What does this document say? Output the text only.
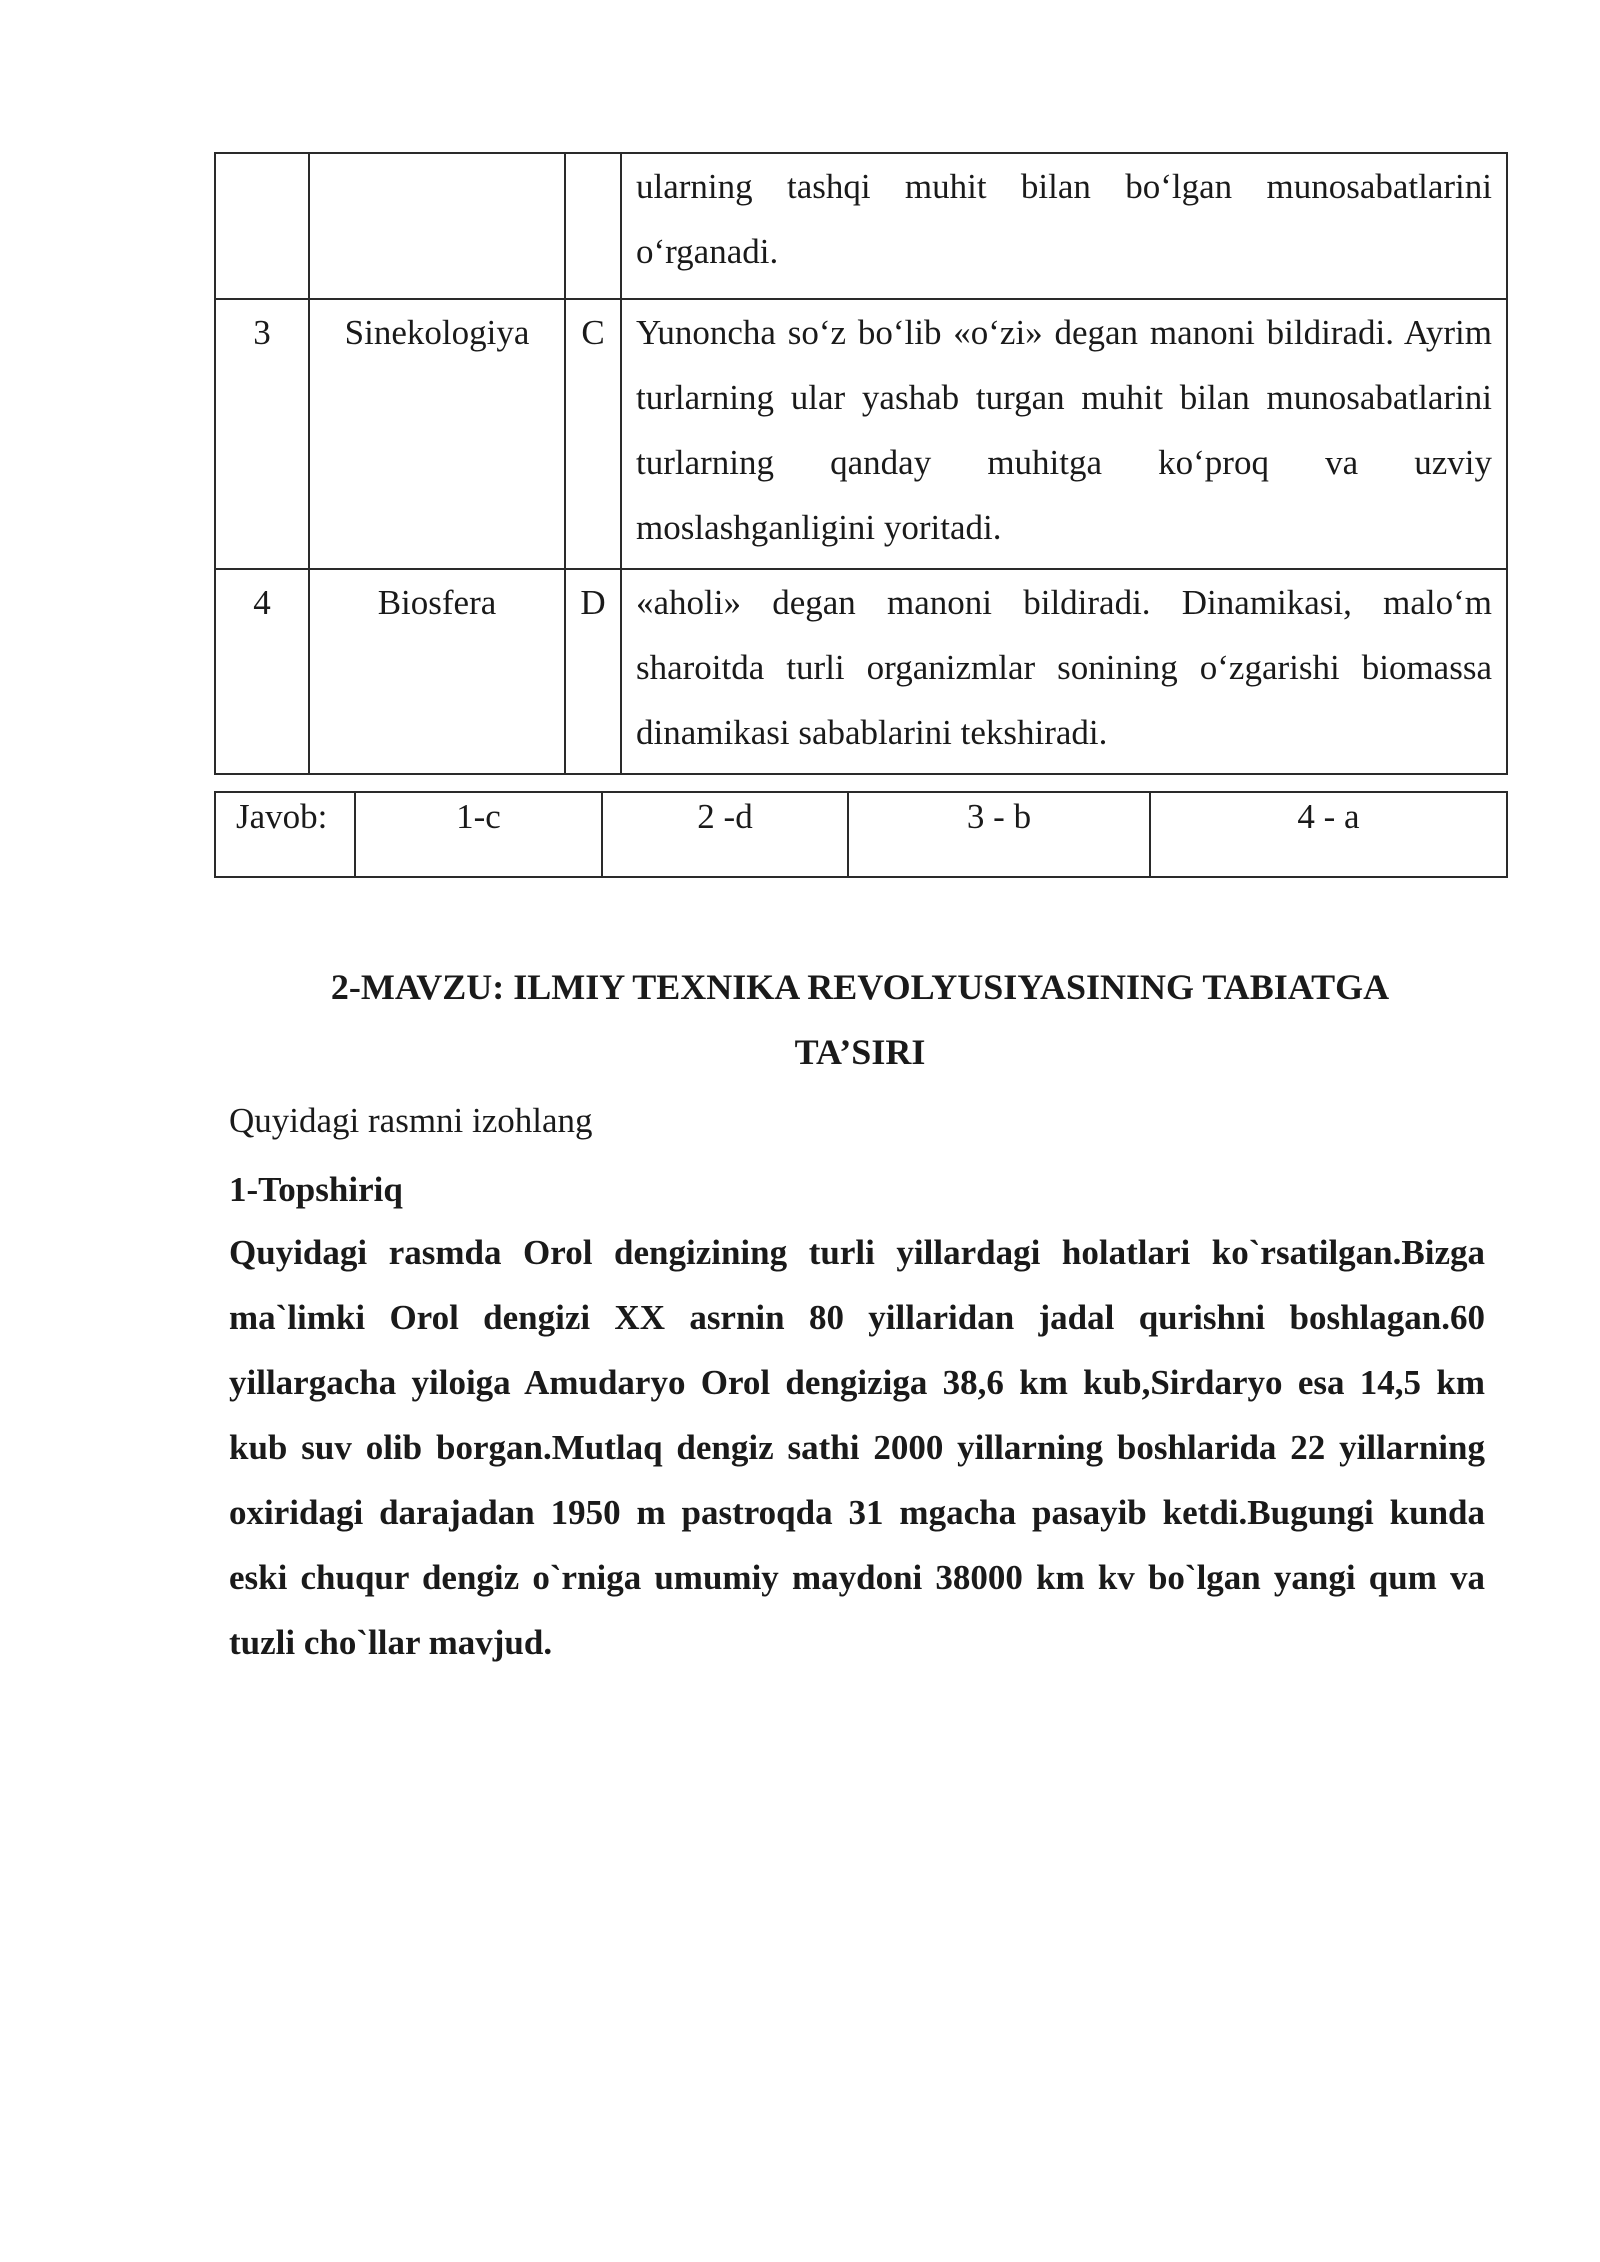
			ularning tashqi muhit bilan bo‘lgan munosabatlarini o‘rganadi.
3	Sinekologiya	C	Yunoncha so‘z bo‘lib «o‘zi» degan manoni bildiradi. Ayrim turlarning ular yashab turgan muhit bilan munosabatlarini turlarning qanday muhitga ko‘proq va uzviy moslashganligini yoritadi.
4	Biosfera	D	«aholi» degan manoni bildiradi. Dinamikasi, malo‘m sharoitda turli organizmlar sonining o‘zgarishi biomassa dinamikasi sabablarini tekshiradi.
Javob:	1-c	2 -d	3 - b	4 - a
2-MAVZU: ILMIY TEXNIKA REVOLYUSIYASINING TABIATGA
TA’SIRI
Quyidagi rasmni izohlang
1-Topshiriq
Quyidagi rasmda Orol dengizining turli yillardagi holatlari ko`rsatilgan.Bizga ma`limki Orol dengizi XX asrnin 80 yillaridan jadal qurishni boshlagan.60 yillargacha yiloiga Amudaryo Orol dengiziga 38,6 km kub,Sirdaryo esa 14,5 km kub suv olib borgan.Mutlaq dengiz sathi 2000 yillarning boshlarida 22 yillarning oxiridagi darajadan 1950 m pastroqda 31 mgacha pasayib ketdi.Bugungi kunda eski chuqur dengiz o`rniga umumiy maydoni 38000 km kv bo`lgan yangi qum va tuzli cho`llar mavjud.
